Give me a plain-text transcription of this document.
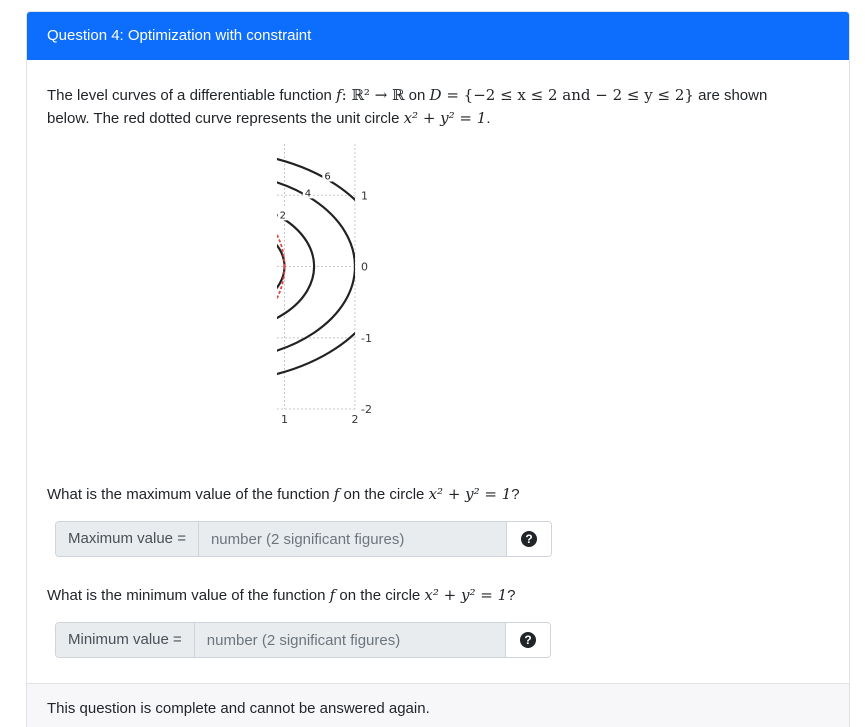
Question 4: Optimization with constraint
The level curves of a differentiable function f: ℝ² → ℝ on D = {−2 ≤ x ≤ 2 and − 2 ≤ y ≤ 2} are shown
below. The red dotted curve represents the unit circle x² + y² = 1.
2
4
6
1	2
1
0
-1
-2
What is the maximum value of the function f on the circle x² + y² = 1?
Maximum value =
number (2 significant figures)	?
What is the minimum value of the function f on the circle x² + y² = 1?
Minimum value =
number (2 significant figures)	?
This question is complete and cannot be answered again.
